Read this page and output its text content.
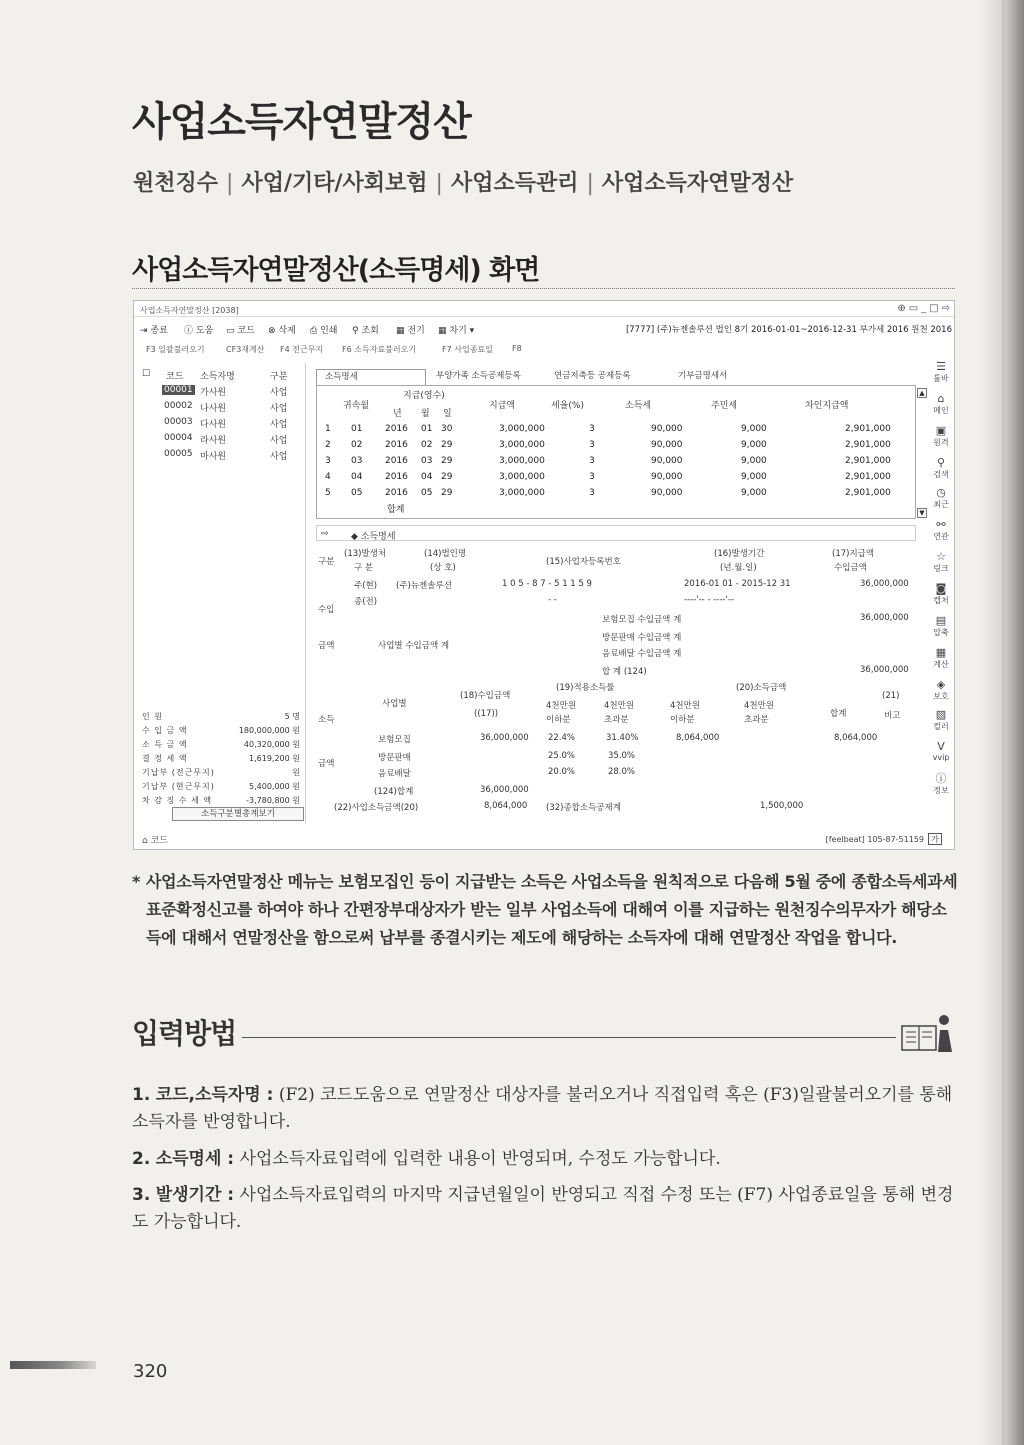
사업소득자연말정산
원천징수 | 사업/기타/사회보험 | 사업소득관리 | 사업소득자연말정산
사업소득자연말정산(소득명세) 화면
사업소득자연말정산 [2038]	⊕ ▭ _ □ ⇨
⇥ 종료 ⓘ 도움 ▭ 코드 ⊗ 삭제 ⎙ 인쇄 ⚲ 조회 ▦ 전기 ▦ 차기 ▾	[7777] (주)뉴젠솔루션 법인 8기 2016-01-01~2016-12-31 부가세 2016 원천 2016
F3 일괄불러오기	CF3재계산 F4 전근무지 F6 소득자료불러오기	F7 사업종료일 F8
☐ 코드 소득자명	구분
00001 가사원	사업
00002 나사원	사업
00003 다사원	사업
00004 라사원	사업
00005 마사원	사업
인 원	5 명
수 입 금 액	180,000,000 원
소 득 금 액	40,320,000 원
결 정 세 액	1,619,200 원
기납부 (전근무지)	원
기납부 (현근무지)	5,400,000 원
차 감 징 수 세 액	-3,780,800 원
소득구분별총계보기
⌂ 코드	[feelbeat] 105-87-51159 가
소득명세	부양가족 소득공제등록	연금저축등 공제등록	기부금명세서
귀속월
지급(영수)
년 월 일
지급액	세율(%)	소득세	주민세	차인지급액
1 01	2016 01 30	3,000,000	3	90,000	9,000	2,901,000
2 02	2016 02 29	3,000,000	3	90,000	9,000	2,901,000
3 03	2016 03 29	3,000,000	3	90,000	9,000	2,901,000
4 04	2016 04 29	3,000,000	3	90,000	9,000	2,901,000
5 05	2016 05 29	3,000,000	3	90,000	9,000	2,901,000
합계
▲
▼
⇨ ◆ 소득명세
구분
(13)발생처
구 분
(14)법인명
(상 호)
(15)사업자등록번호
(16)발생기간
(년.월.일)
(17)지급액
수입금액
주(현) (주)뉴젠솔루션	1 0 5 - 8 7 - 5 1 1 5 9	2016-01 01 - 2015-12 31	36,000,000
종(전)	- -	----'-- - ----'--
수입
금액	사업별 수입금액 계
보험모집 수입금액 계	36,000,000
방문판매 수입금액 계
음료배달 수입금액 계
합 계 (124)	36,000,000
(18)수입금액
((17))
(19)적용소득률
4천만원
이하분
4천만원
초과분
(20)소득금액
4천만원
이하분
4천만원
초과분
합계
(21)
비고
소득
사업별
금액
보험모집	36,000,000 22.4%	31.40%	8,064,000	8,064,000
방문판매	25.0%	35.0%
음료배달	20.0%	28.0%
(124)합계	36,000,000
(22)사업소득금액(20)	8,064,000 (32)종합소득공제계	1,500,000
☰
툴바
⌂
메인
▣
원격
⚲
검색
◷
최근
⚯
연관
☆
링크
◙
캡처
▤
압축
▦
계산
◈
보호
▧
컬러
V
vvip
ⓘ
정보
* 사업소득자연말정산 메뉴는 보험모집인 등이 지급받는 소득은 사업소득을 원칙적으로 다음해 5월 중에 종합소득세과세표준확정신고를 하여야 하나 간편장부대상자가 받는 일부 사업소득에 대해여 이를 지급하는 원천징수의무자가 해당소득에 대해서 연말정산을 함으로써 납부를 종결시키는 제도에 해당하는 소득자에 대해 연말정산 작업을 합니다.
입력방법
1. 코드,소득자명 : (F2) 코드도움으로 연말정산 대상자를 불러오거나 직접입력 혹은 (F3)일괄불러오기를 통해 소득자를 반영합니다.
2. 소득명세 : 사업소득자료입력에 입력한 내용이 반영되며, 수정도 가능합니다.
3. 발생기간 : 사업소득자료입력의 마지막 지급년월일이 반영되고 직접 수정 또는 (F7) 사업종료일을 통해 변경도 가능합니다.
320
